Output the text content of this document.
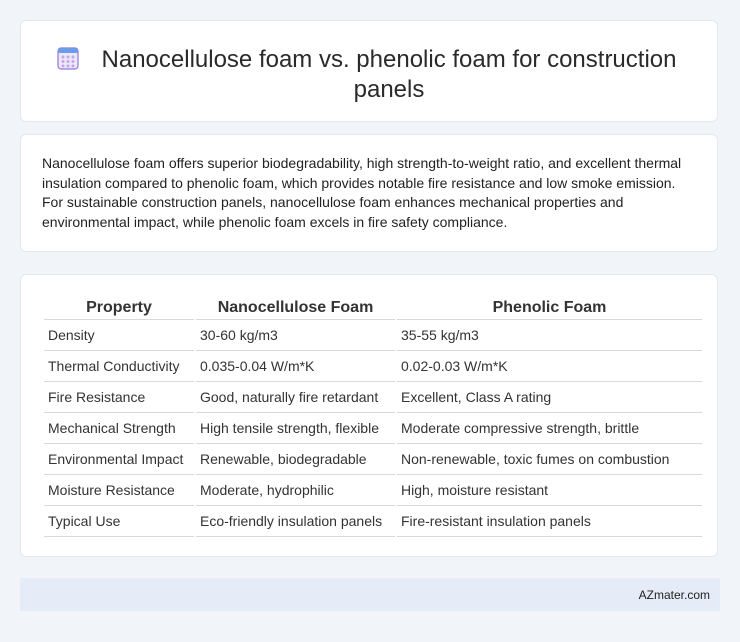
Nanocellulose foam vs. phenolic foam for construction panels

Nanocellulose foam offers superior biodegradability, high strength-to-weight ratio, and excellent thermal insulation compared to phenolic foam, which provides notable fire resistance and low smoke emission. For sustainable construction panels, nanocellulose foam enhances mechanical properties and environmental impact, while phenolic foam excels in fire safety compliance.

Property	Nanocellulose Foam	Phenolic Foam
Density	30-60 kg/m3	35-55 kg/m3
Thermal Conductivity	0.035-0.04 W/m*K	0.02-0.03 W/m*K
Fire Resistance	Good, naturally fire retardant	Excellent, Class A rating
Mechanical Strength	High tensile strength, flexible	Moderate compressive strength, brittle
Environmental Impact	Renewable, biodegradable	Non-renewable, toxic fumes on combustion
Moisture Resistance	Moderate, hydrophilic	High, moisture resistant
Typical Use	Eco-friendly insulation panels	Fire-resistant insulation panels
AZmater.com
